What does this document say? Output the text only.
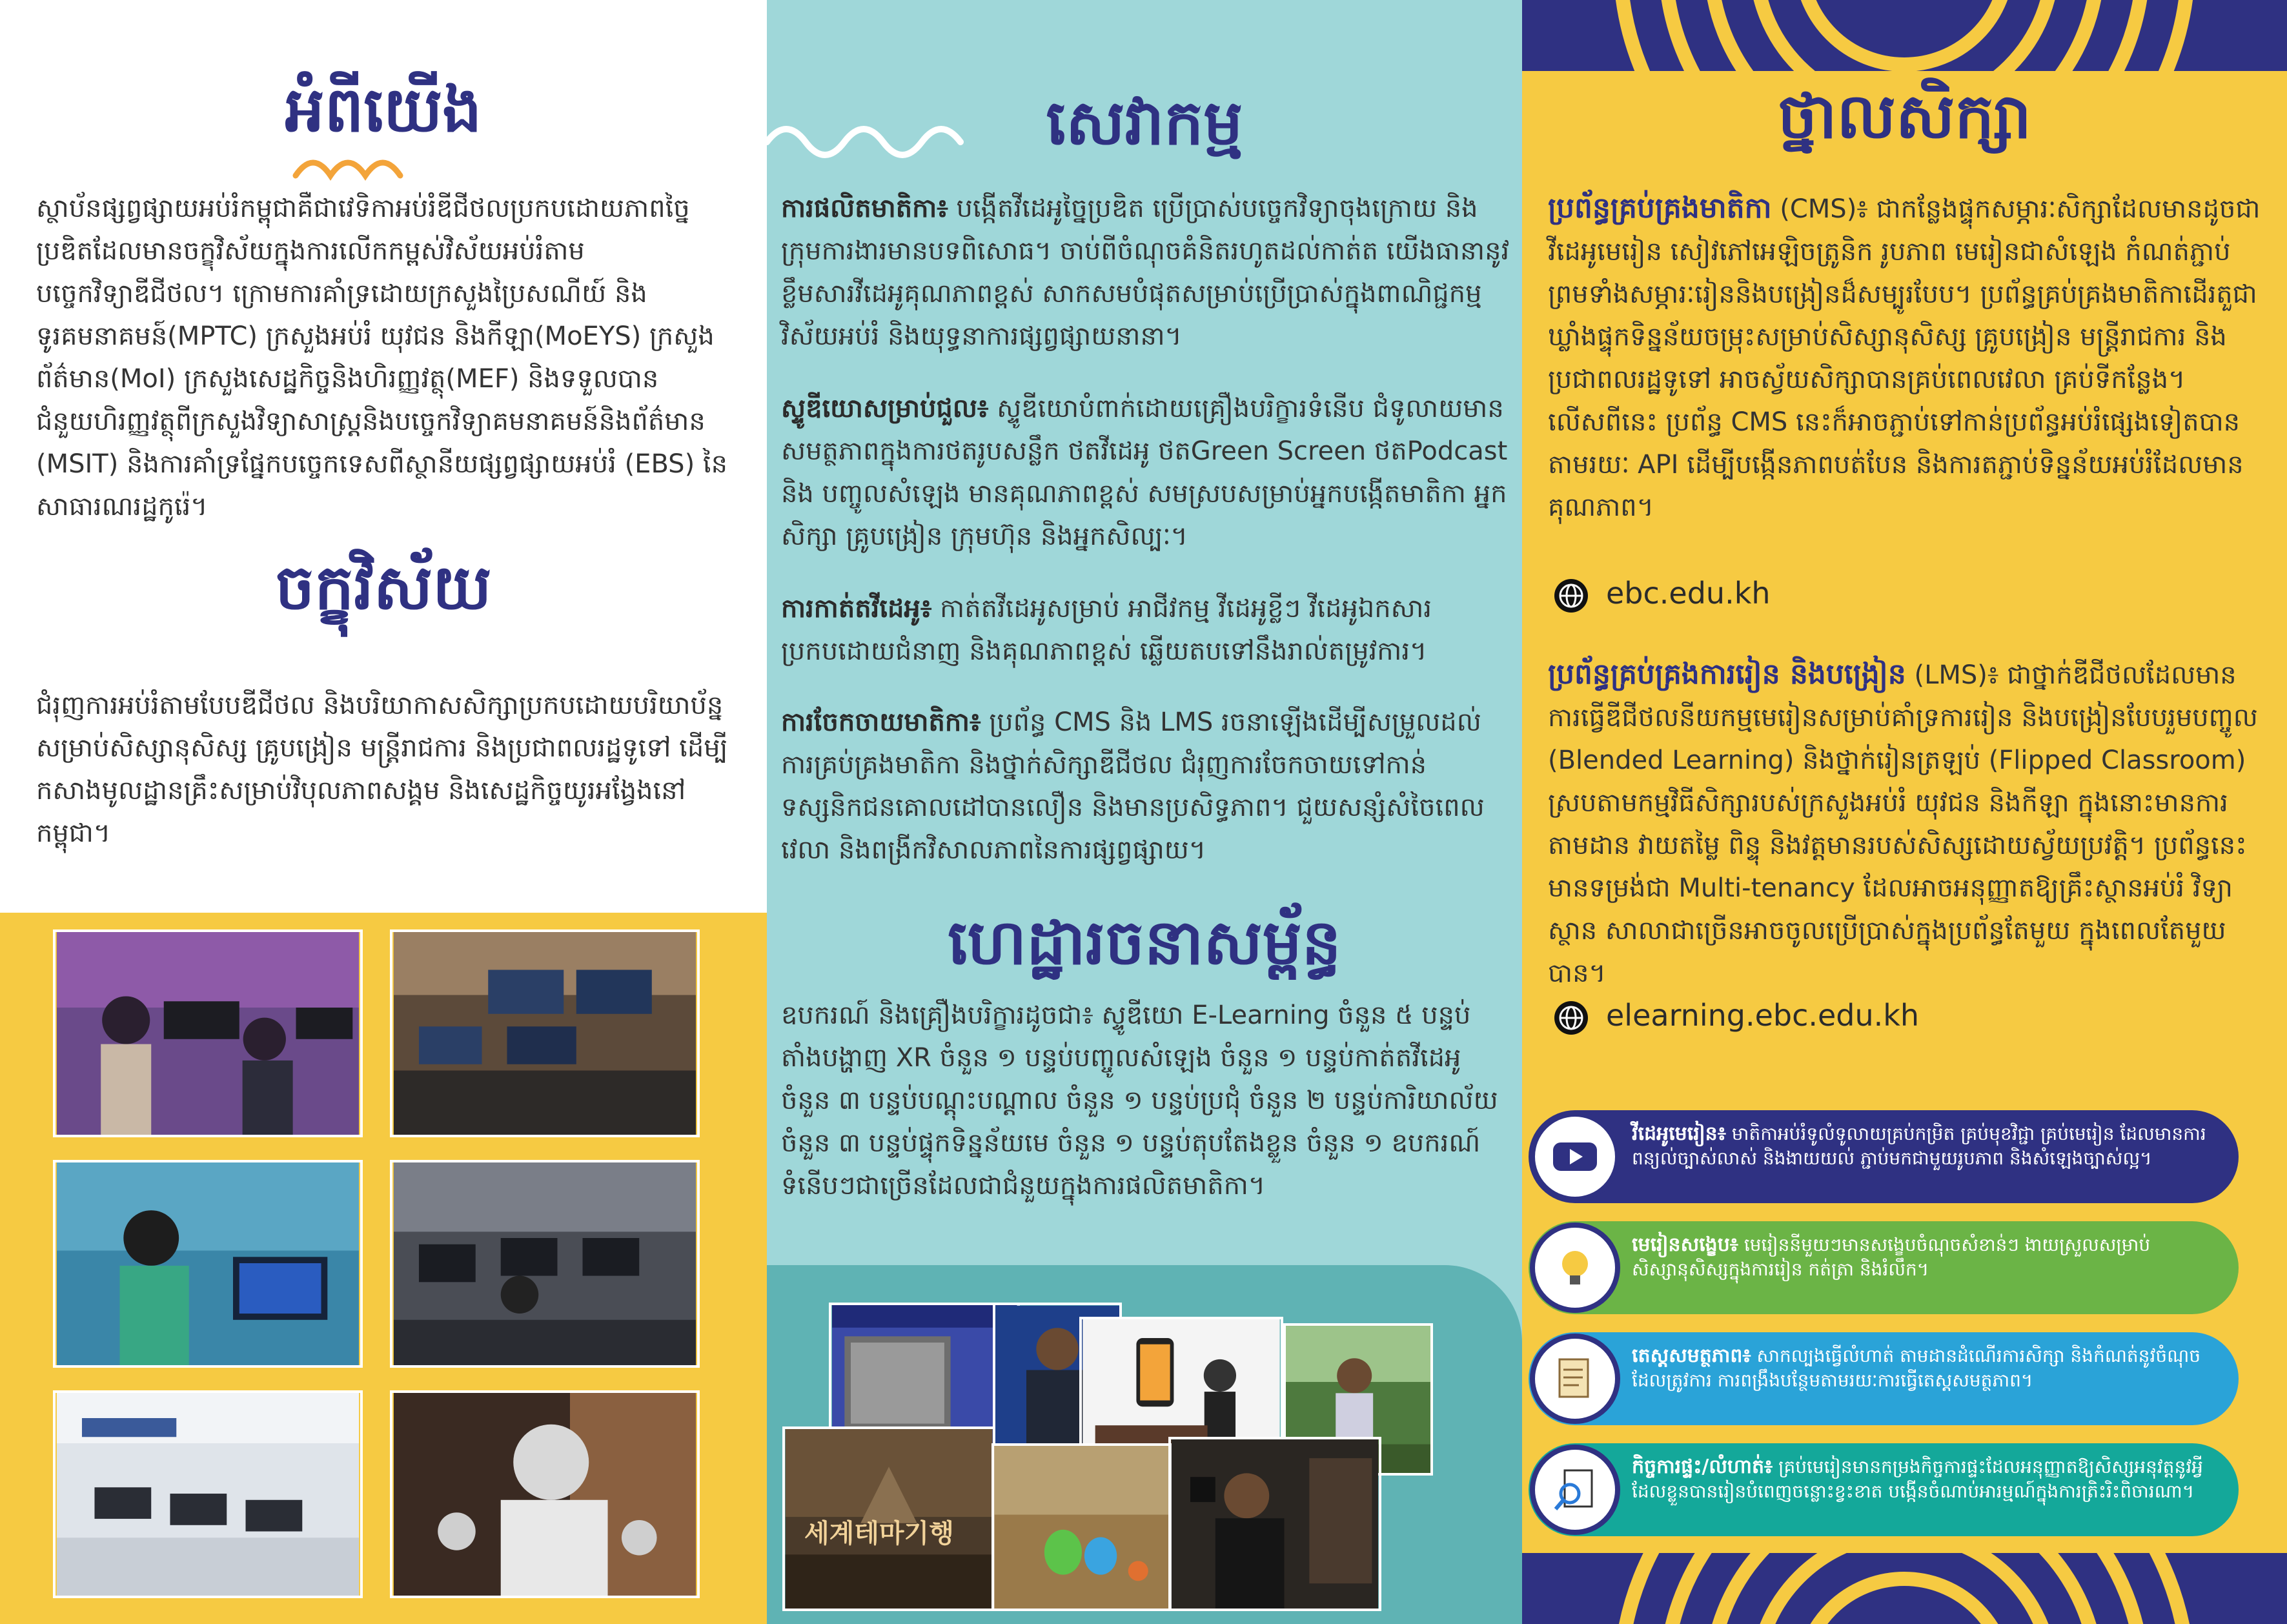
អំពីយើង
ស្ថាប័នផ្សព្វផ្សាយអប់រំកម្ពុជាគឺជាវេទិកាអប់រំឌីជីថលប្រកបដោយភាពច្នៃប្រឌិតដែលមានចក្ខុវិស័យក្នុងការលើកកម្ពស់វិស័យអប់រំតាមបច្ចេកវិទ្យាឌីជីថល។ ក្រោមការគាំទ្រដោយក្រសួងប្រៃសណីយ៍ និងទូរគមនាគមន៍(MPTC) ក្រសួងអប់រំ យុវជន និងកីឡា(MoEYS) ក្រសួងព័ត៌មាន(MoI) ក្រសួងសេដ្ឋកិច្ចនិងហិរញ្ញវត្ថុ(MEF) និងទទួលបានជំនួយហិរញ្ញវត្ថុពីក្រសួងវិទ្យាសាស្ត្រនិងបច្ចេកវិទ្យាគមនាគមន៍និងព័ត៌មាន (MSIT) និងការគាំទ្រផ្នែកបច្ចេកទេសពីស្ថានីយផ្សព្វផ្សាយអប់រំ (EBS) នៃសាធារណរដ្ឋកូរ៉េ។
ចក្ខុវិស័យ
ជំរុញការអប់រំតាមបែបឌីជីថល និងបរិយាកាសសិក្សាប្រកបដោយបរិយាប័ន្នសម្រាប់សិស្សានុសិស្ស គ្រូបង្រៀន មន្ត្រីរាជការ និងប្រជាពលរដ្ឋទូទៅ ដើម្បីកសាងមូលដ្ឋានគ្រឹះសម្រាប់វិបុលភាពសង្គម និងសេដ្ឋកិច្ចយូរអង្វែងនៅកម្ពុជា។
សេវាកម្ម
ការផលិតមាតិកា៖ បង្កើតវីដេអូច្នៃប្រឌិត ប្រើប្រាស់បច្ចេកវិទ្យាចុងក្រោយ និងក្រុមការងារមានបទពិសោធ។ ចាប់ពីចំណុចគំនិតរហូតដល់កាត់ត យើងធានានូវខ្លឹមសារវីដេអូគុណភាពខ្ពស់ សាកសមបំផុតសម្រាប់ប្រើប្រាស់ក្នុងពាណិជ្ជកម្ម វិស័យអប់រំ និងយុទ្ធនាការផ្សព្វផ្សាយនានា។
ស្ទូឌីយោសម្រាប់ជួល៖ ស្ទូឌីយោបំពាក់ដោយគ្រឿងបរិក្ខារទំនើប ជំទូលាយមានសមត្ថភាពក្នុងការថតរូបសន្លឹក ថតវីដេអូ ថតGreen Screen ថតPodcast និង បញ្ចូលសំឡេង មានគុណភាពខ្ពស់ សមស្របសម្រាប់អ្នកបង្កើតមាតិកា អ្នកសិក្សា គ្រូបង្រៀន ក្រុមហ៊ុន និងអ្នកសិល្បៈ។
ការកាត់តវីដេអូ៖ កាត់តវីដេអូសម្រាប់ អាជីវកម្ម វីដេអូខ្លីៗ វីដេអូឯកសារ ប្រកបដោយជំនាញ និងគុណភាពខ្ពស់ ឆ្លើយតបទៅនឹងរាល់តម្រូវការ។
ការចែកចាយមាតិកា៖ ប្រព័ន្ធ CMS និង LMS រចនាឡើងដើម្បីសម្រួលដល់ការគ្រប់គ្រងមាតិកា និងថ្នាក់សិក្សាឌីជីថល ជំរុញការចែកចាយទៅកាន់ទស្សនិកជនគោលដៅបានលឿន និងមានប្រសិទ្ធភាព។ ជួយសន្សំសំចៃពេលវេលា និងពង្រីកវិសាលភាពនៃការផ្សព្វផ្សាយ។
ហេដ្ឋារចនាសម្ព័ន្ធ
ឧបករណ៍ និងគ្រឿងបរិក្ខារដូចជា៖ ស្ទូឌីយោ E-Learning ចំនួន ៥ បន្ទប់តាំងបង្ហាញ XR ចំនួន ១ បន្ទប់បញ្ចូលសំឡេង ចំនួន ១ បន្ទប់កាត់តវីដេអូ ចំនួន ៣ បន្ទប់បណ្តុះបណ្តាល ចំនួន ១ បន្ទប់ប្រជុំ ចំនួន ២ បន្ទប់ការិយាល័យ ចំនួន ៣ បន្ទប់ផ្ទុកទិន្នន័យមេ ចំនួន ១ បន្ទប់តុបតែងខ្លួន ចំនួន ១ ឧបករណ៍ទំនើបៗជាច្រើនដែលជាជំនួយក្នុងការផលិតមាតិកា។
세계테마기행
ថ្នាលសិក្សា
ប្រព័ន្ធគ្រប់គ្រងមាតិកា (CMS)៖ ជាកន្លែងផ្ទុកសម្ភារៈសិក្សាដែលមានដូចជា វីដេអូមេរៀន សៀវភៅអេឡិចត្រូនិក រូបភាព មេរៀនជាសំឡេង កំណត់ភ្ជាប់ព្រមទាំងសម្ភារៈរៀននិងបង្រៀនដ៏សម្បូរបែប។ ប្រព័ន្ធគ្រប់គ្រងមាតិកាដើរតួជាឃ្លាំងផ្ទុកទិន្នន័យចម្រុះសម្រាប់សិស្សានុសិស្ស គ្រូបង្រៀន មន្ត្រីរាជការ និងប្រជាពលរដ្ឋទូទៅ អាចស្វ័យសិក្សាបានគ្រប់ពេលវេលា គ្រប់ទីកន្លែង។ លើសពីនេះ ប្រព័ន្ធ CMS នេះក៏អាចភ្ជាប់ទៅកាន់ប្រព័ន្ធអប់រំផ្សេងទៀតបានតាមរយៈ API ដើម្បីបង្កើនភាពបត់បែន និងការតភ្ជាប់ទិន្នន័យអប់រំដែលមានគុណភាព។
ebc.edu.kh
ប្រព័ន្ធគ្រប់គ្រងការរៀន និងបង្រៀន (LMS)៖ ជាថ្នាក់ឌីជីថលដែលមានការធ្វើឌីជីថលនីយកម្មមេរៀនសម្រាប់គាំទ្រការរៀន និងបង្រៀនបែបរួមបញ្ចូល (Blended Learning) និងថ្នាក់រៀនត្រឡប់ (Flipped Classroom) ស្របតាមកម្មវិធីសិក្សារបស់ក្រសួងអប់រំ យុវជន និងកីឡា ក្នុងនោះមានការតាមដាន វាយតម្លៃ ពិន្ទុ និងវត្តមានរបស់សិស្សដោយស្វ័យប្រវត្តិ។ ប្រព័ន្ធនេះមានទម្រង់ជា Multi-tenancy ដែលអាចអនុញ្ញាតឱ្យគ្រឹះស្ថានអប់រំ វិទ្យាស្ថាន សាលាជាច្រើនអាចចូលប្រើប្រាស់ក្នុងប្រព័ន្ធតែមួយ ក្នុងពេលតែមួយបាន។
elearning.ebc.edu.kh
វីដេអូមេរៀន៖ មាតិកាអប់រំទូលំទូលាយគ្រប់កម្រិត គ្រប់មុខវិជ្ជា គ្រប់មេរៀន ដែលមានការពន្យល់ច្បាស់លាស់ និងងាយយល់ ភ្ជាប់មកជាមួយរូបភាព និងសំឡេងច្បាស់ល្អ។
មេរៀនសង្ខេប៖ មេរៀននីមួយៗមានសង្ខេបចំណុចសំខាន់ៗ ងាយស្រួលសម្រាប់សិស្សានុសិស្សក្នុងការរៀន កត់ត្រា និងរំលឹក។
តេស្តសមត្ថភាព៖ សាកល្បងធ្វើលំហាត់ តាមដានដំណើរការសិក្សា និងកំណត់នូវចំណុចដែលត្រូវការ ការពង្រឹងបន្ថែមតាមរយៈការធ្វើតេស្តសមត្ថភាព។
កិច្ចការផ្ទះ/លំហាត់៖ គ្រប់មេរៀនមានកម្រងកិច្ចការផ្ទះដែលអនុញ្ញាតឱ្យសិស្សអនុវត្តនូវអ្វីដែលខ្លួនបានរៀនបំពេញចន្លោះខ្វះខាត បង្កើនចំណាប់អារម្មណ៍ក្នុងការត្រិះរិះពិចារណា។
